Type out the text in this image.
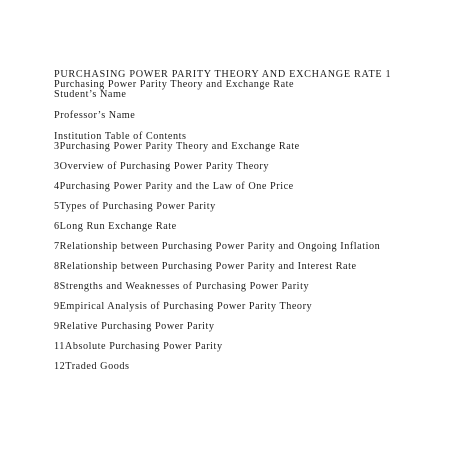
PURCHASING POWER PARITY THEORY AND EXCHANGE RATE 1
Purchasing Power Parity Theory and Exchange Rate
Student’s Name
Professor’s Name
Institution Table of Contents
3Purchasing Power Parity Theory and Exchange Rate
3Overview of Purchasing Power Parity Theory
4Purchasing Power Parity and the Law of One Price
5Types of Purchasing Power Parity
6Long Run Exchange Rate
7Relationship between Purchasing Power Parity and Ongoing Inflation
8Relationship between Purchasing Power Parity and Interest Rate
8Strengths and Weaknesses of Purchasing Power Parity
9Empirical Analysis of Purchasing Power Parity Theory
9Relative Purchasing Power Parity
11Absolute Purchasing Power Parity
12Traded Goods
